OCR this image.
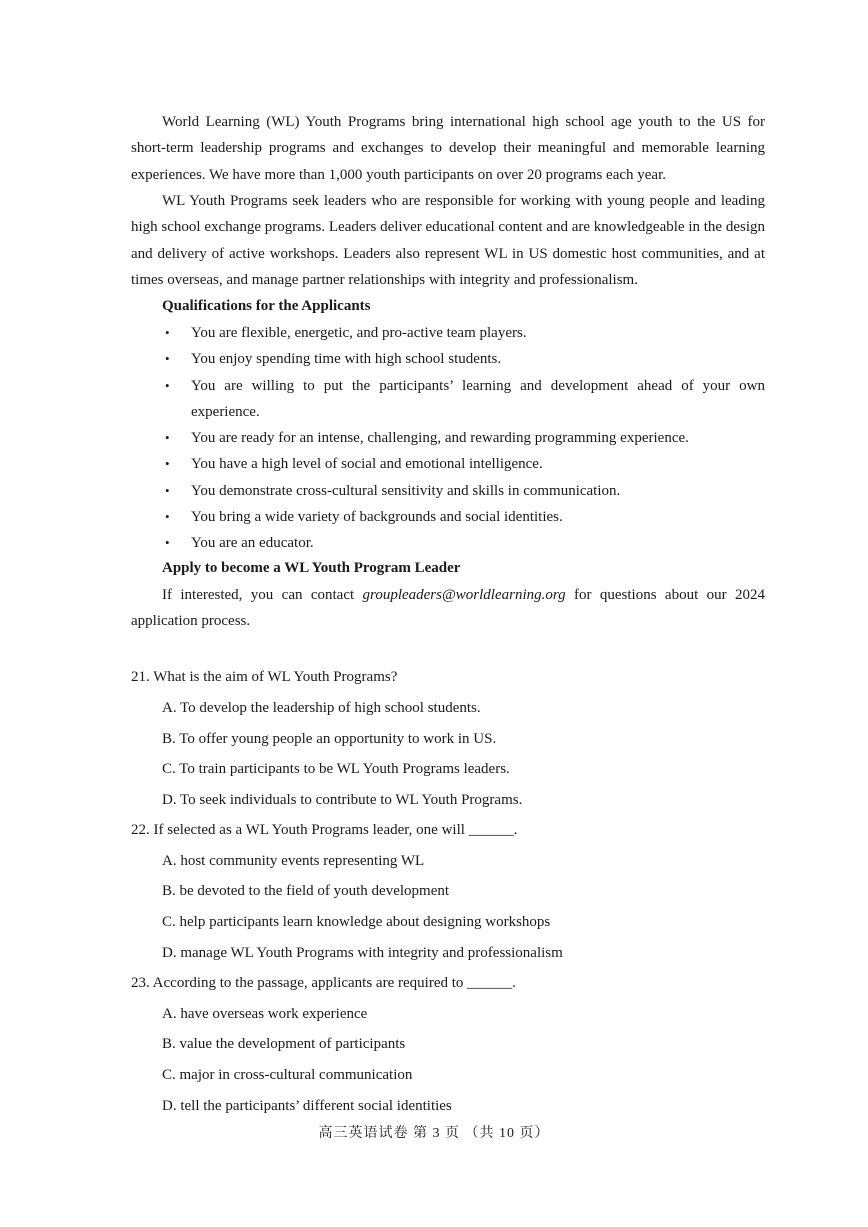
World Learning (WL) Youth Programs bring international high school age youth to the US for short-term leadership programs and exchanges to develop their meaningful and memorable learning experiences. We have more than 1,000 youth participants on over 20 programs each year.

WL Youth Programs seek leaders who are responsible for working with young people and leading high school exchange programs. Leaders deliver educational content and are knowledgeable in the design and delivery of active workshops. Leaders also represent WL in US domestic host communities, and at times overseas, and manage partner relationships with integrity and professionalism.

Qualifications for the Applicants

• You are flexible, energetic, and pro-active team players.
• You enjoy spending time with high school students.
• You are willing to put the participants’ learning and development ahead of your own experience.
• You are ready for an intense, challenging, and rewarding programming experience.
• You have a high level of social and emotional intelligence.
• You demonstrate cross-cultural sensitivity and skills in communication.
• You bring a wide variety of backgrounds and social identities.
• You are an educator.

Apply to become a WL Youth Program Leader

If interested, you can contact groupleaders@worldlearning.org for questions about our 2024 application process.

21. What is the aim of WL Youth Programs?

A. To develop the leadership of high school students.

B. To offer young people an opportunity to work in US.

C. To train participants to be WL Youth Programs leaders.

D. To seek individuals to contribute to WL Youth Programs.

22. If selected as a WL Youth Programs leader, one will ______.

A. host community events representing WL

B. be devoted to the field of youth development

C. help participants learn knowledge about designing workshops

D. manage WL Youth Programs with integrity and professionalism

23. According to the passage, applicants are required to ______.

A. have overseas work experience

B. value the development of participants

C. major in cross-cultural communication

D. tell the participants’ different social identities

高三英语试卷 第 3 页 （共 10 页）
